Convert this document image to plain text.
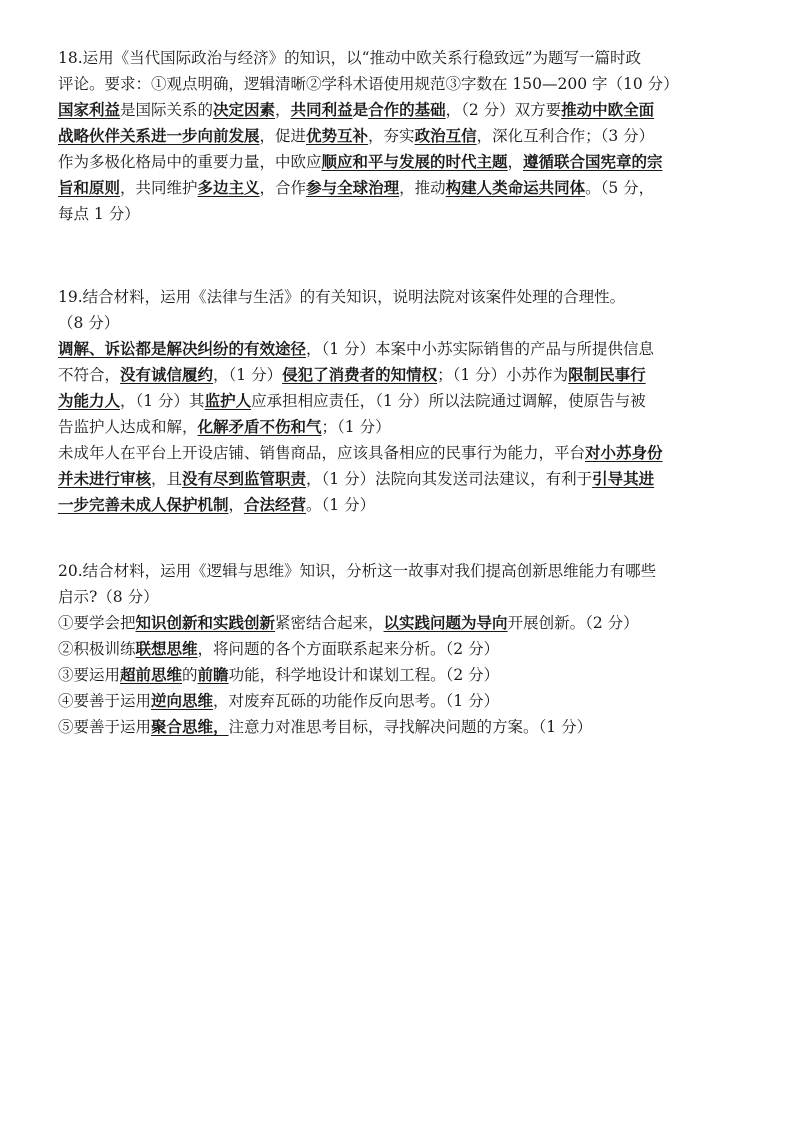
18.运用《当代国际政治与经济》的知识，以“推动中欧关系行稳致远”为题写一篇时政
评论。要求：①观点明确，逻辑清晰②学科术语使用规范③字数在 150—200 字（10 分）
国家利益是国际关系的决定因素，共同利益是合作的基础，（2 分）双方要推动中欧全面
战略伙伴关系进一步向前发展，促进优势互补，夯实政治互信，深化互利合作；（3 分）
作为多极化格局中的重要力量，中欧应顺应和平与发展的时代主题，遵循联合国宪章的宗
旨和原则，共同维护多边主义，合作参与全球治理，推动构建人类命运共同体。（5 分，
每点 1 分）
19.结合材料，运用《法律与生活》的有关知识，说明法院对该案件处理的合理性。
（8 分）
调解、诉讼都是解决纠纷的有效途径，（1 分）本案中小苏实际销售的产品与所提供信息
不符合，没有诚信履约，（1 分）侵犯了消费者的知情权；（1 分）小苏作为限制民事行
为能力人，（1 分）其监护人应承担相应责任，（1 分）所以法院通过调解，使原告与被
告监护人达成和解，化解矛盾不伤和气；（1 分）
未成年人在平台上开设店铺、销售商品，应该具备相应的民事行为能力，平台对小苏身份
并未进行审核，且没有尽到监管职责，（1 分）法院向其发送司法建议，有利于引导其进
一步完善未成人保护机制，合法经营。（1 分）
20.结合材料，运用《逻辑与思维》知识，分析这一故事对我们提高创新思维能力有哪些
启示?（8 分）
①要学会把知识创新和实践创新紧密结合起来，以实践问题为导向开展创新。（2 分）
②积极训练联想思维，将问题的各个方面联系起来分析。（2 分）
③要运用超前思维的前瞻功能，科学地设计和谋划工程。（2 分）
④要善于运用逆向思维，对废弃瓦砾的功能作反向思考。（1 分）
⑤要善于运用聚合思维，注意力对准思考目标，寻找解决问题的方案。（1 分）
